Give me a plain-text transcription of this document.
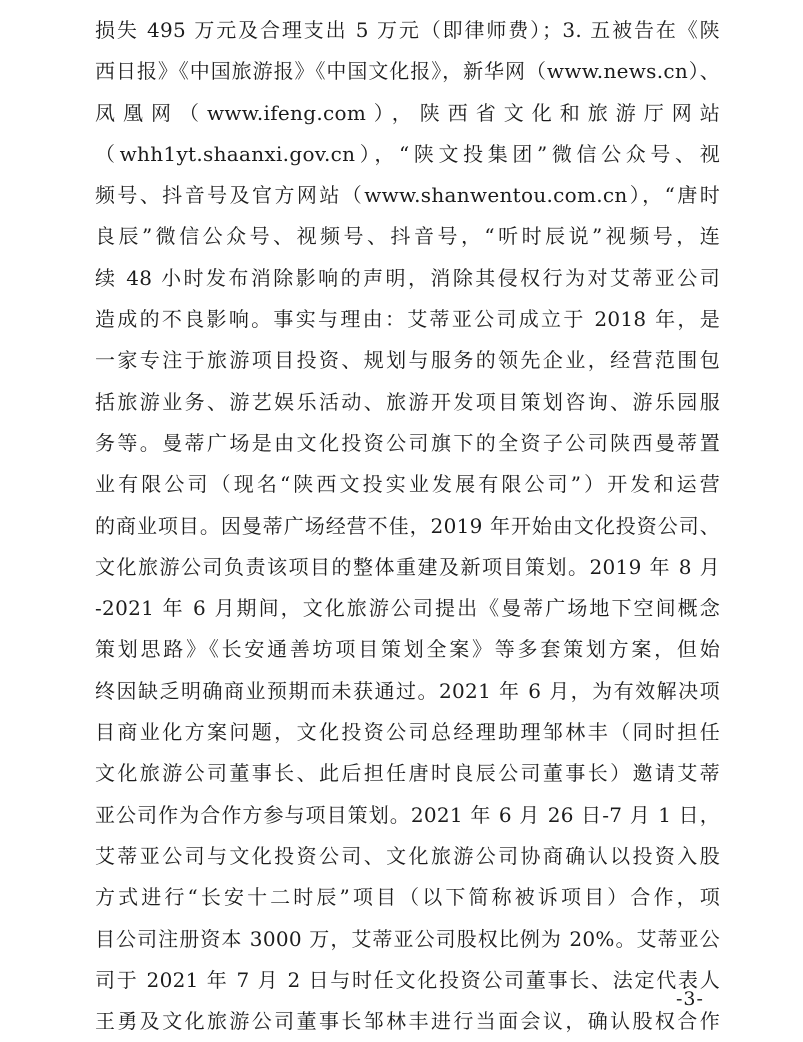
损失 495 万元及合理支出 5 万元（即律师费）；3. 五被告在《陕
西日报》《中国旅游报》《中国文化报》，新华网（www.news.cn）、
凤凰网（www.ifeng.com），陕西省文化和旅游厅网站
（whh1yt.shaanxi.gov.cn），“陕文投集团”微信公众号、视
频号、抖音号及官方网站（www.shanwentou.com.cn），“唐时
良辰”微信公众号、视频号、抖音号，“听时辰说”视频号，连
续 48 小时发布消除影响的声明，消除其侵权行为对艾蒂亚公司
造成的不良影响。事实与理由：艾蒂亚公司成立于 2018 年，是
一家专注于旅游项目投资、规划与服务的领先企业，经营范围包
括旅游业务、游艺娱乐活动、旅游开发项目策划咨询、游乐园服
务等。曼蒂广场是由文化投资公司旗下的全资子公司陕西曼蒂置
业有限公司（现名“陕西文投实业发展有限公司”）开发和运营
的商业项目。因曼蒂广场经营不佳，2019 年开始由文化投资公司、
文化旅游公司负责该项目的整体重建及新项目策划。2019 年 8 月
-2021 年 6 月期间，文化旅游公司提出《曼蒂广场地下空间概念
策划思路》《长安通善坊项目策划全案》等多套策划方案，但始
终因缺乏明确商业预期而未获通过。2021 年 6 月，为有效解决项
目商业化方案问题，文化投资公司总经理助理邹林丰（同时担任
文化旅游公司董事长、此后担任唐时良辰公司董事长）邀请艾蒂
亚公司作为合作方参与项目策划。2021 年 6 月 26 日-7 月 1 日，
艾蒂亚公司与文化投资公司、文化旅游公司协商确认以投资入股
方式进行“长安十二时辰”项目（以下简称被诉项目）合作，项
目公司注册资本 3000 万，艾蒂亚公司股权比例为 20%。艾蒂亚公
司于 2021 年 7 月 2 日与时任文化投资公司董事长、法定代表人
王勇及文化旅游公司董事长邹林丰进行当面会议，确认股权合作
-3-
